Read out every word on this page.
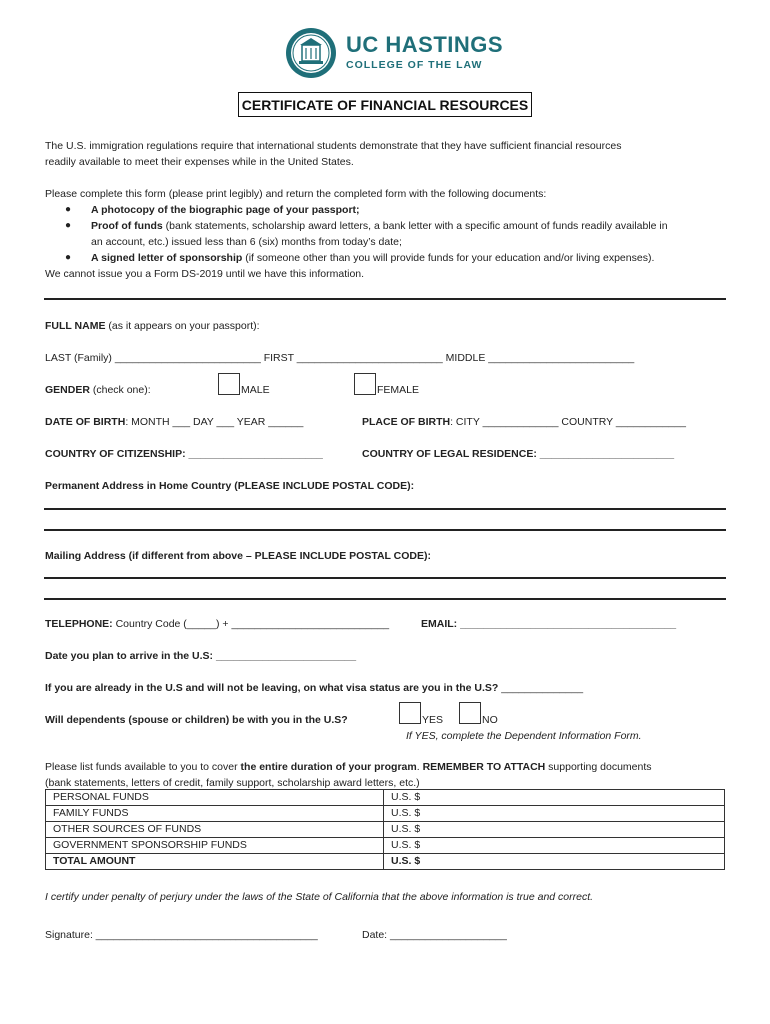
UC HASTINGS
COLLEGE OF THE LAW
CERTIFICATE OF FINANCIAL RESOURCES
The U.S. immigration regulations require that international students demonstrate that they have sufficient financial resources
readily available to meet their expenses while in the United States.
Please complete this form (please print legibly) and return the completed form with the following documents:
● A photocopy of the biographic page of your passport;
● Proof of funds (bank statements, scholarship award letters, a bank letter with a specific amount of funds readily available in
an account, etc.) issued less than 6 (six) months from today’s date;
● A signed letter of sponsorship (if someone other than you will provide funds for your education and/or living expenses).
We cannot issue you a Form DS-2019 until we have this information.
FULL NAME (as it appears on your passport):
LAST (Family) _________________________ FIRST _________________________ MIDDLE _________________________
GENDER (check one):	MALE	FEMALE
DATE OF BIRTH: MONTH ___ DAY ___ YEAR ______	PLACE OF BIRTH: CITY _____________ COUNTRY ____________
COUNTRY OF CITIZENSHIP: _______________________	COUNTRY OF LEGAL RESIDENCE: _______________________
Permanent Address in Home Country (PLEASE INCLUDE POSTAL CODE):
Mailing Address (if different from above – PLEASE INCLUDE POSTAL CODE):
TELEPHONE: Country Code (_____) + ___________________________	EMAIL: _____________________________________
Date you plan to arrive in the U.S: ________________________
If you are already in the U.S and will not be leaving, on what visa status are you in the U.S? ______________
Will dependents (spouse or children) be with you in the U.S?	YES	NO
If YES, complete the Dependent Information Form.
Please list funds available to you to cover the entire duration of your program. REMEMBER TO ATTACH supporting documents
(bank statements, letters of credit, family support, scholarship award letters, etc.)
PERSONAL FUNDS	U.S. $
FAMILY FUNDS	U.S. $
OTHER SOURCES OF FUNDS	U.S. $
GOVERNMENT SPONSORSHIP FUNDS	U.S. $
TOTAL AMOUNT	U.S. $
I certify under penalty of perjury under the laws of the State of California that the above information is true and correct.
Signature: ______________________________________	Date: ____________________
